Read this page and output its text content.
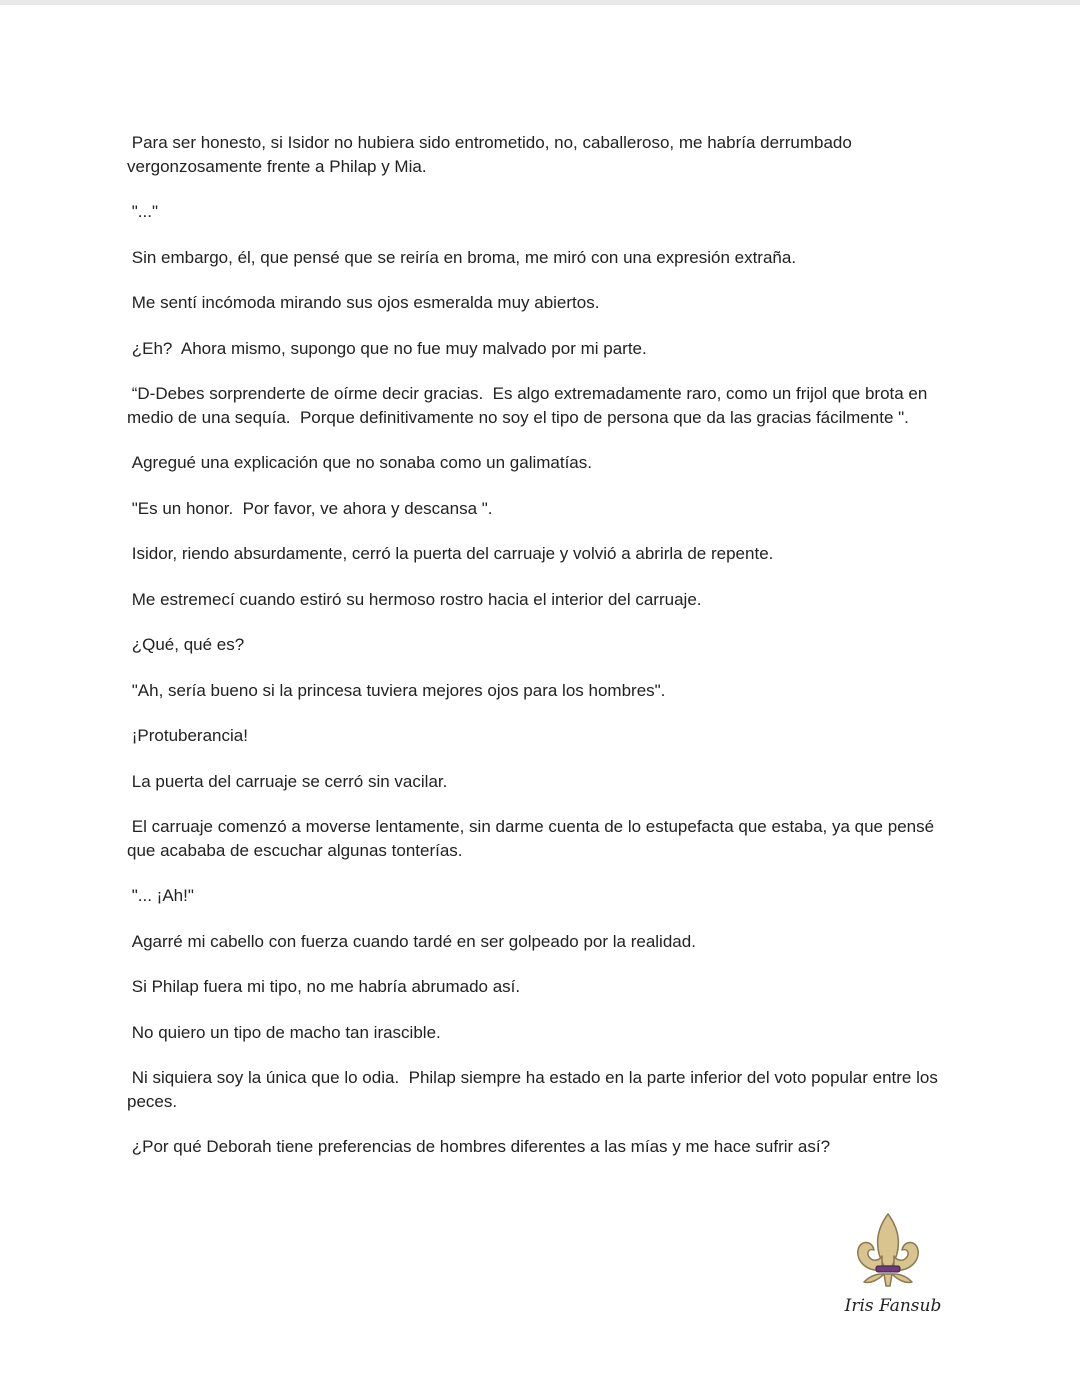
Para ser honesto, si Isidor no hubiera sido entrometido, no, caballeroso, me habría derrumbado vergonzosamente frente a Philap y Mia.

"..."

Sin embargo, él, que pensé que se reiría en broma, me miró con una expresión extraña.

Me sentí incómoda mirando sus ojos esmeralda muy abiertos.

¿Eh?  Ahora mismo, supongo que no fue muy malvado por mi parte.

“D-Debes sorprenderte de oírme decir gracias.  Es algo extremadamente raro, como un frijol que brota en medio de una sequía.  Porque definitivamente no soy el tipo de persona que da las gracias fácilmente ".

Agregué una explicación que no sonaba como un galimatías.

"Es un honor.  Por favor, ve ahora y descansa ".

Isidor, riendo absurdamente, cerró la puerta del carruaje y volvió a abrirla de repente.

Me estremecí cuando estiró su hermoso rostro hacia el interior del carruaje.

¿Qué, qué es?

"Ah, sería bueno si la princesa tuviera mejores ojos para los hombres".

¡Protuberancia!

La puerta del carruaje se cerró sin vacilar.

El carruaje comenzó a moverse lentamente, sin darme cuenta de lo estupefacta que estaba, ya que pensé que acababa de escuchar algunas tonterías.

"... ¡Ah!"

Agarré mi cabello con fuerza cuando tardé en ser golpeado por la realidad.

Si Philap fuera mi tipo, no me habría abrumado así.

No quiero un tipo de macho tan irascible.

Ni siquiera soy la única que lo odia.  Philap siempre ha estado en la parte inferior del voto popular entre los peces.

¿Por qué Deborah tiene preferencias de hombres diferentes a las mías y me hace sufrir así?

Iris Fansub
